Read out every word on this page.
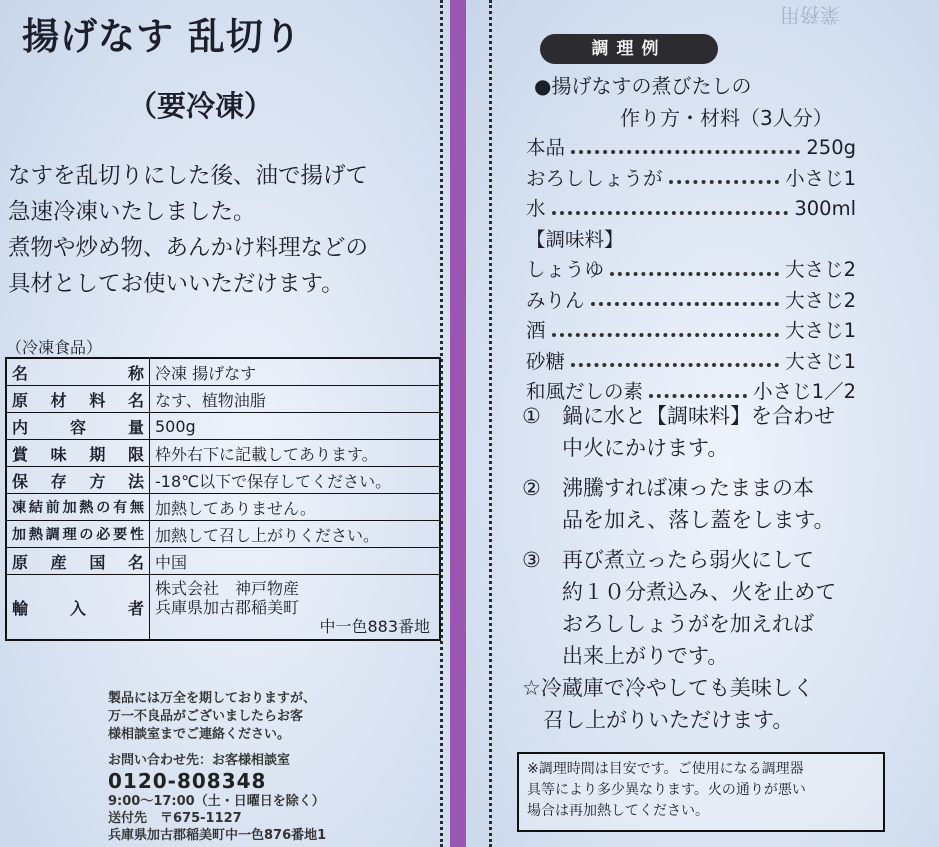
揚げなす 乱切り
（要冷凍）
なすを乱切りにした後、油で揚げて
急速冷凍いたしました。
煮物や炒め物、あんかけ料理などの
具材としてお使いいただけます。
（冷凍食品）
名称	冷凍 揚げなす
原材料名	なす、植物油脂
内容量	500g
賞味期限	枠外右下に記載してあります。
保存方法	-18℃以下で保存してください。
凍結前加熱の有無	加熱してありません。
加熱調理の必要性	加熱して召し上がりください。
原産国名	中国
輸入者	株式会社　神戸物産
兵庫県加古郡稲美町
中一色883番地
製品には万全を期しておりますが、
万一不良品がございましたらお客
様相談室までご連絡ください。
お問い合わせ先：お客様相談室
0120-808348
9:00〜17:00（土・日曜日を除く）
送付先　〒675-1127
兵庫県加古郡稲美町中一色876番地1
業務用
調理例
●揚げなすの煮びたしの
作り方・材料（3人分）
本品	250g
おろししょうが	小さじ1
水	300ml
【調味料】
しょうゆ	大さじ2
みりん	大さじ2
酒	大さじ1
砂糖	大さじ1
和風だしの素	小さじ1／2
①	鍋に水と【調味料】を合わせ
中火にかけます。
②	沸騰すれば凍ったままの本
品を加え、落し蓋をします。
③	再び煮立ったら弱火にして
約１０分煮込み、火を止めて
おろししょうがを加えれば
出来上がりです。
☆冷蔵庫で冷やしても美味しく
　召し上がりいただけます。
※調理時間は目安です。ご使用になる調理器
具等により多少異なります。火の通りが悪い
場合は再加熱してください。
